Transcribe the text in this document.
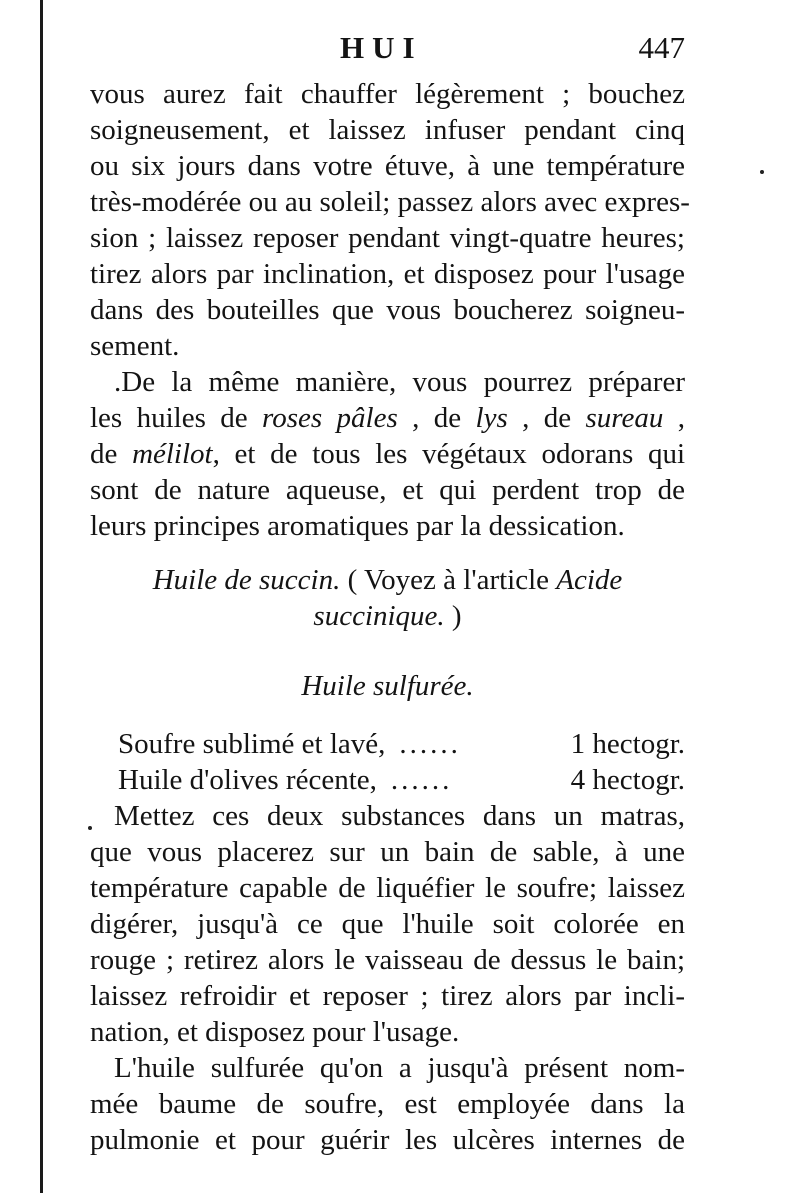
HUI	447
vous aurez fait chauffer légèrement ; bouchez
soigneusement, et laissez infuser pendant cinq
ou six jours dans votre étuve, à une température
très-modérée ou au soleil; passez alors avec expres-
sion ; laissez reposer pendant vingt-quatre heures;
tirez alors par inclination, et disposez pour l'usage
dans des bouteilles que vous boucherez soigneu-
sement.
.De la même manière, vous pourrez préparer
les huiles de roses pâles , de lys , de sureau ,
de mélilot, et de tous les végétaux odorans qui
sont de nature aqueuse, et qui perdent trop de
leurs principes aromatiques par la dessication.
Huile de succin. ( Voyez à l'article Acide
succinique. )
Huile sulfurée.
Soufre sublimé et lavé, ......	1 hectogr.
Huile d'olives récente, ......	4 hectogr.
Mettez ces deux substances dans un matras,
que vous placerez sur un bain de sable, à une
température capable de liquéfier le soufre; laissez
digérer, jusqu'à ce que l'huile soit colorée en
rouge ; retirez alors le vaisseau de dessus le bain;
laissez refroidir et reposer ; tirez alors par incli-
nation, et disposez pour l'usage.
L'huile sulfurée qu'on a jusqu'à présent nom-
mée baume de soufre, est employée dans la
pulmonie et pour guérir les ulcères internes de
